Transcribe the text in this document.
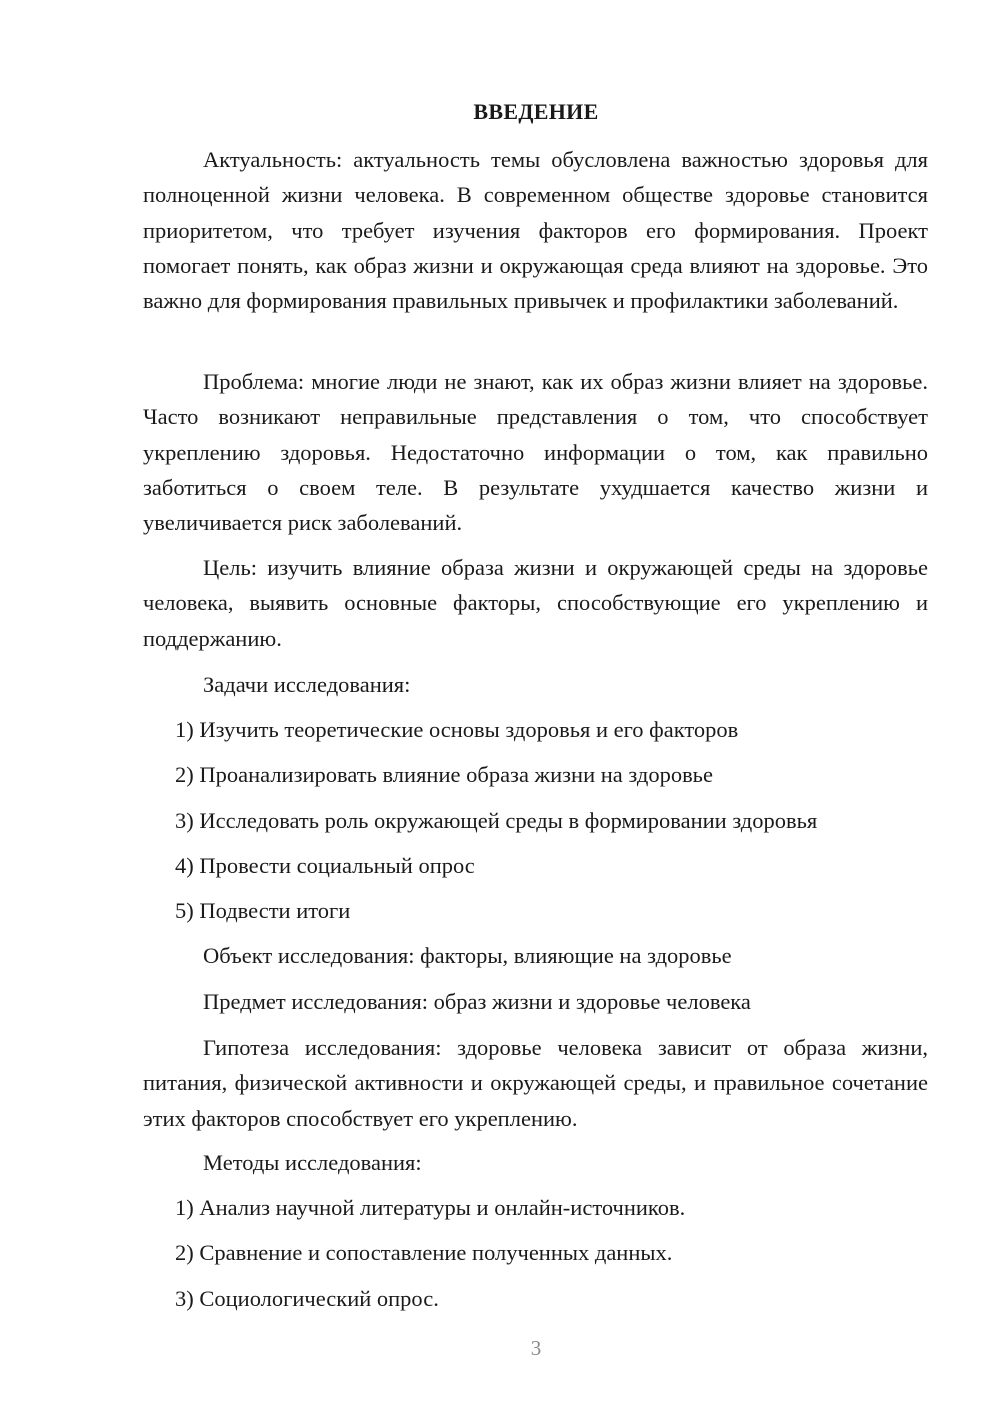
ВВЕДЕНИЕ

Актуальность: актуальность темы обусловлена важностью здоровья для полноценной жизни человека. В современном обществе здоровье становится приоритетом, что требует изучения факторов его формирования. Проект помогает понять, как образ жизни и окружающая среда влияют на здоровье. Это важно для формирования правильных привычек и профилактики заболеваний.

Проблема: многие люди не знают, как их образ жизни влияет на здоровье. Часто возникают неправильные представления о том, что способствует укреплению здоровья. Недостаточно информации о том, как правильно заботиться о своем теле. В результате ухудшается качество жизни и увеличивается риск заболеваний.

Цель: изучить влияние образа жизни и окружающей среды на здоровье человека, выявить основные факторы, способствующие его укреплению и поддержанию.

Задачи исследования:

1) Изучить теоретические основы здоровья и его факторов

2) Проанализировать влияние образа жизни на здоровье

3) Исследовать роль окружающей среды в формировании здоровья

4) Провести социальный опрос

5) Подвести итоги

Объект исследования: факторы, влияющие на здоровье

Предмет исследования: образ жизни и здоровье человека

Гипотеза исследования: здоровье человека зависит от образа жизни, питания, физической активности и окружающей среды, и правильное сочетание этих факторов способствует его укреплению.

Методы исследования:

1) Анализ научной литературы и онлайн-источников.

2) Сравнение и сопоставление полученных данных.

3) Социологический опрос.

3
